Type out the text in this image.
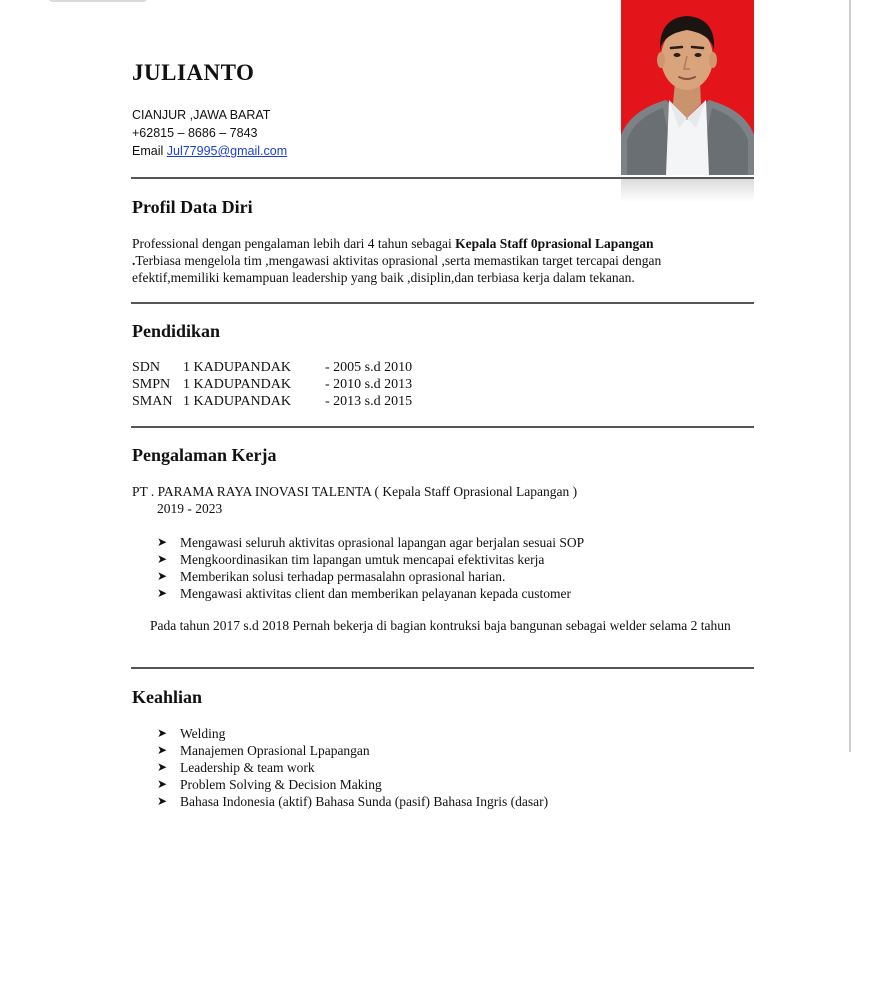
JULIANTO
CIANJUR ,JAWA BARAT
+62815 – 8686 – 7843
Email Jul77995@gmail.com
Profil Data Diri
Professional dengan pengalaman lebih dari 4 tahun sebagai Kepala Staff 0prasional Lapangan
.Terbiasa mengelola tim ,mengawasi aktivitas oprasional ,serta memastikan target tercapai dengan efektif,memiliki kemampuan leadership yang baik ,disiplin,dan terbiasa kerja dalam tekanan.
Pendidikan
SDN 1 KADUPANDAK - 2005 s.d 2010
SMPN 1 KADUPANDAK - 2010 s.d 2013
SMAN 1 KADUPANDAK - 2013 s.d 2015
Pengalaman Kerja
PT . PARAMA RAYA INOVASI TALENTA ( Kepala Staff Oprasional Lapangan )
2019 - 2023
➤ Mengawasi seluruh aktivitas oprasional lapangan agar berjalan sesuai SOP
➤ Mengkoordinasikan tim lapangan umtuk mencapai efektivitas kerja
➤ Memberikan solusi terhadap permasalahn oprasional harian.
➤ Mengawasi aktivitas client dan memberikan pelayanan kepada customer
Pada tahun 2017 s.d 2018 Pernah bekerja di bagian kontruksi baja bangunan sebagai welder selama 2 tahun
Keahlian
➤ Welding
➤ Manajemen Oprasional Lpapangan
➤ Leadership & team work
➤ Problem Solving & Decision Making
➤ Bahasa Indonesia (aktif) Bahasa Sunda (pasif) Bahasa Ingris (dasar)
